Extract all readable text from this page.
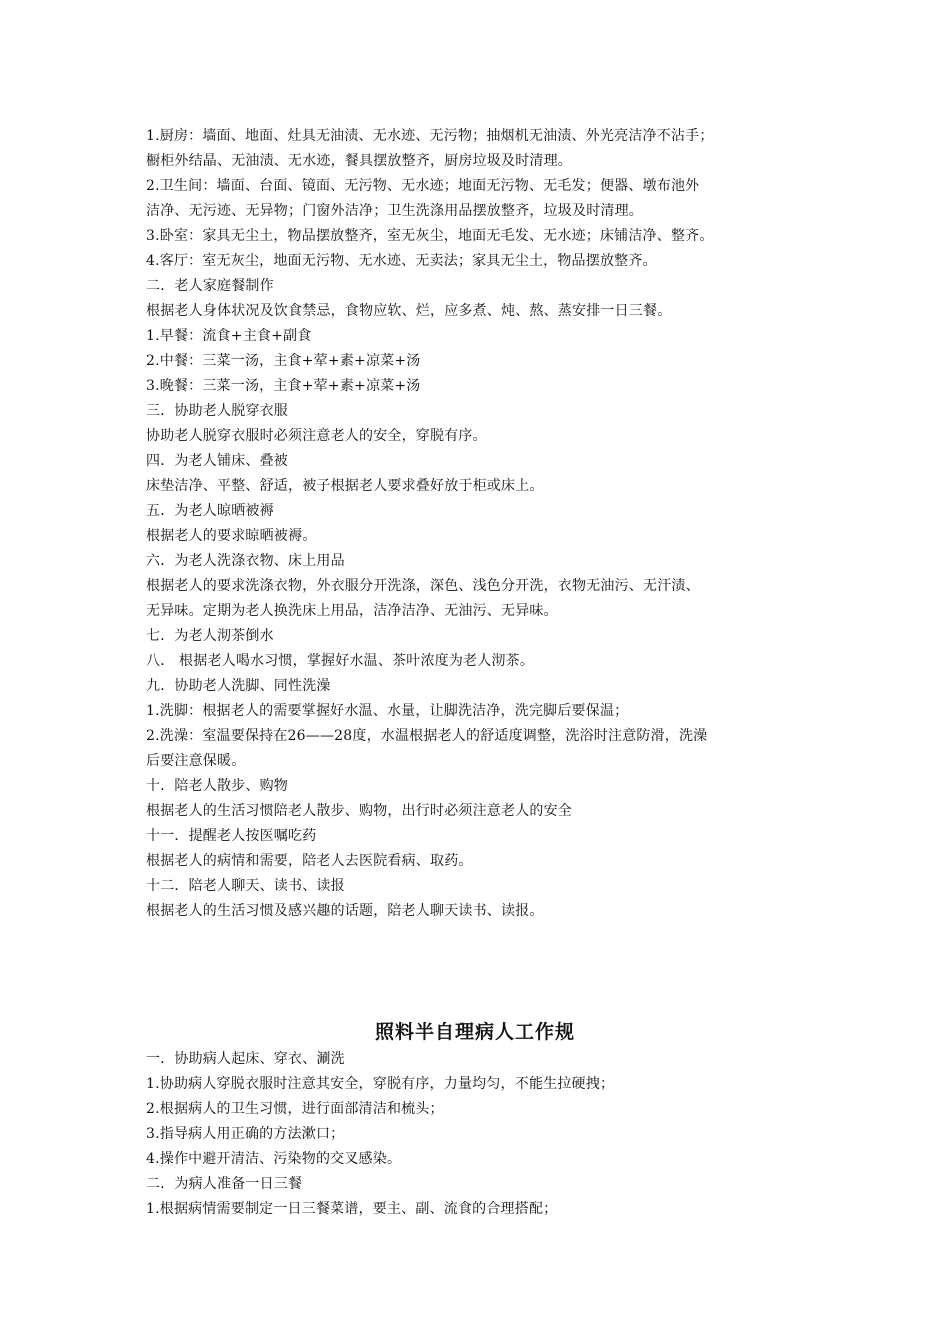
1.厨房：墙面、地面、灶具无油渍、无水迹、无污物；抽烟机无油渍、外光亮洁净不沾手；
橱柜外结晶、无油渍、无水迹，餐具摆放整齐，厨房垃圾及时清理。
2.卫生间：墙面、台面、镜面、无污物、无水迹；地面无污物、无毛发；便器、墩布池外
洁净、无污迹、无异物；门窗外洁净；卫生洗涤用品摆放整齐，垃圾及时清理。
3.卧室：家具无尘土，物品摆放整齐，室无灰尘，地面无毛发、无水迹；床铺洁净、整齐。
4.客厅：室无灰尘，地面无污物、无水迹、无卖法；家具无尘土，物品摆放整齐。
二．老人家庭餐制作
根据老人身体状况及饮食禁忌，食物应软、烂，应多煮、炖、熬、蒸安排一日三餐。
1.早餐：流食+主食+副食
2.中餐：三菜一汤，主食+荤+素+凉菜+汤
3.晚餐：三菜一汤，主食+荤+素+凉菜+汤
三．协助老人脱穿衣服
协助老人脱穿衣服时必须注意老人的安全，穿脱有序。
四．为老人铺床、叠被
床垫洁净、平整、舒适，被子根据老人要求叠好放于柜或床上。
五．为老人晾晒被褥
根据老人的要求晾晒被褥。
六．为老人洗涤衣物、床上用品
根据老人的要求洗涤衣物，外衣服分开洗涤，深色、浅色分开洗，衣物无油污、无汗渍、
无异味。定期为老人换洗床上用品，洁净洁净、无油污、无异味。
七．为老人沏茶倒水
八． 根据老人喝水习惯，掌握好水温、茶叶浓度为老人沏茶。
九．协助老人洗脚、同性洗澡
1.洗脚：根据老人的需要掌握好水温、水量，让脚洗洁净，洗完脚后要保温；
2.洗澡：室温要保持在26——28度，水温根据老人的舒适度调整，洗浴时注意防滑，洗澡
后要注意保暖。
十．陪老人散步、购物
根据老人的生活习惯陪老人散步、购物，出行时必须注意老人的安全
十一．提醒老人按医嘱吃药
根据老人的病情和需要，陪老人去医院看病、取药。
十二．陪老人聊天、读书、读报
根据老人的生活习惯及感兴趣的话题，陪老人聊天读书、读报。
照料半自理病人工作规
一．协助病人起床、穿衣、涮洗
1.协助病人穿脱衣服时注意其安全，穿脱有序，力量均匀，不能生拉硬拽；
2.根据病人的卫生习惯，进行面部清洁和梳头；
3.指导病人用正确的方法漱口；
4.操作中避开清洁、污染物的交叉感染。
二．为病人准备一日三餐
1.根据病情需要制定一日三餐菜谱，要主、副、流食的合理搭配；
